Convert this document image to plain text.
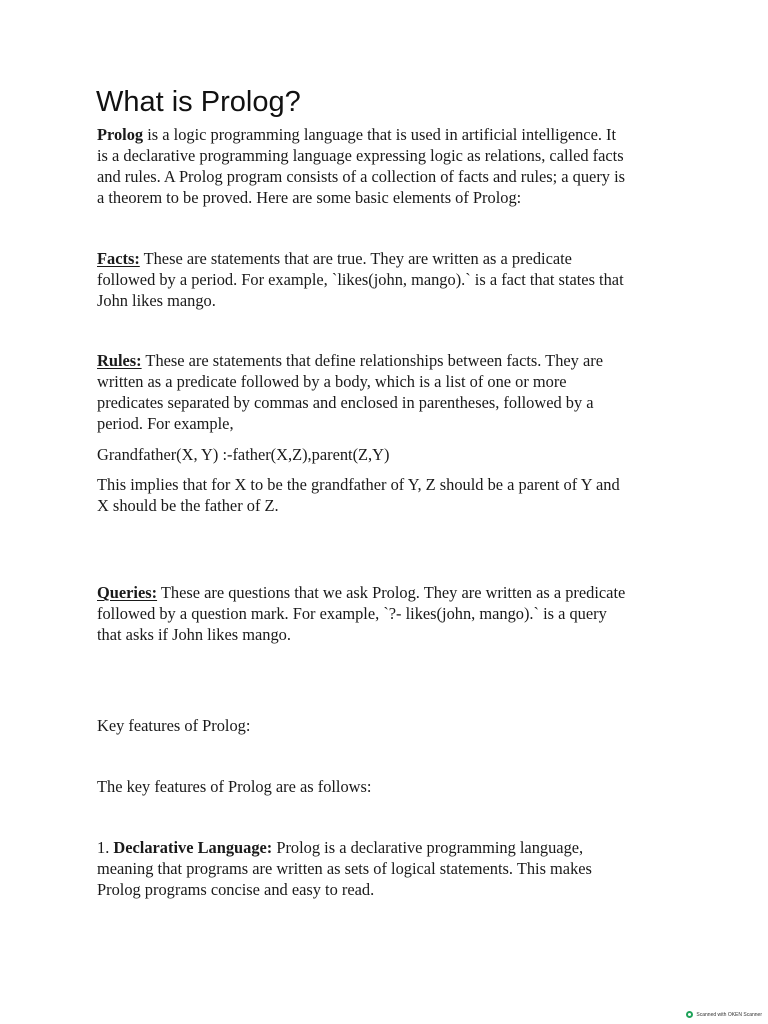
What is Prolog?

Prolog is a logic programming language that is used in artificial intelligence. It
is a declarative programming language expressing logic as relations, called facts
and rules. A Prolog program consists of a collection of facts and rules; a query is
a theorem to be proved. Here are some basic elements of Prolog:

Facts: These are statements that are true. They are written as a predicate
followed by a period. For example, `likes(john, mango).` is a fact that states that
John likes mango.

Rules: These are statements that define relationships between facts. They are
written as a predicate followed by a body, which is a list of one or more
predicates separated by commas and enclosed in parentheses, followed by a
period. For example,

Grandfather(X, Y) :-father(X,Z),parent(Z,Y)

This implies that for X to be the grandfather of Y, Z should be a parent of Y and
X should be the father of Z.

Queries: These are questions that we ask Prolog. They are written as a predicate
followed by a question mark. For example, `?- likes(john, mango).` is a query
that asks if John likes mango.

Key features of Prolog:

The key features of Prolog are as follows:

1. Declarative Language: Prolog is a declarative programming language,
meaning that programs are written as sets of logical statements. This makes
Prolog programs concise and easy to read.

Scanned with OKEN Scanner
